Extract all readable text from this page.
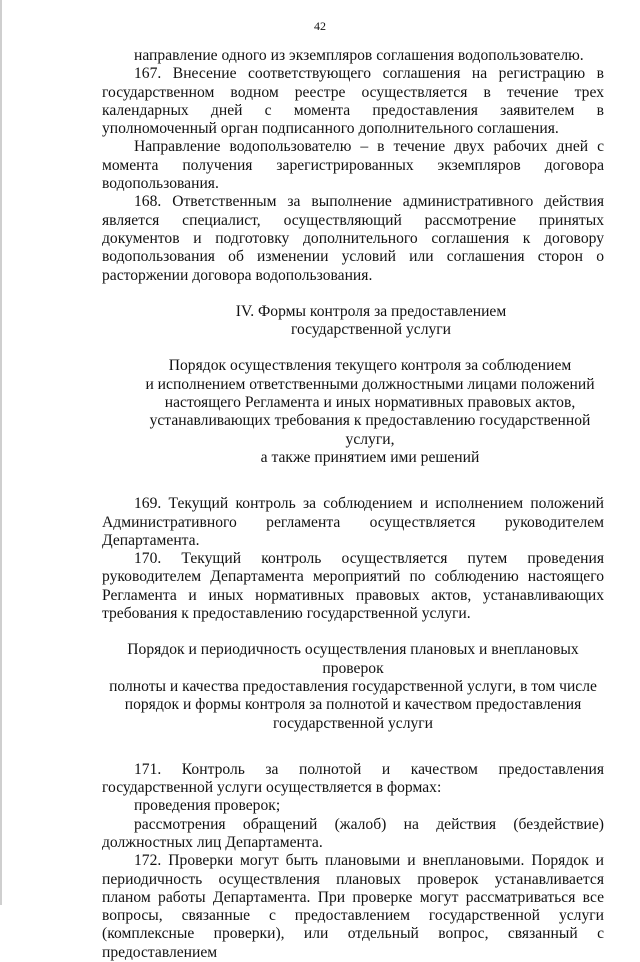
42

направление одного из экземпляров соглашения водопользователю.

167. Внесение соответствующего соглашения на регистрацию в государственном водном реестре осуществляется в течение трех календарных дней с момента предоставления заявителем в уполномоченный орган подписанного дополнительного соглашения.

Направление водопользователю – в течение двух рабочих дней с момента получения зарегистрированных экземпляров договора водопользования.

168. Ответственным за выполнение административного действия является специалист, осуществляющий рассмотрение принятых документов и подготовку дополнительного соглашения к договору водопользования об изменении условий или соглашения сторон о расторжении договора водопользования.

IV. Формы контроля за предоставлением

государственной услуги

Порядок осуществления текущего контроля за соблюдением

и исполнением ответственными должностными лицами положений

настоящего Регламента и иных нормативных правовых актов,

устанавливающих требования к предоставлению государственной услуги,

а также принятием ими решений

169. Текущий контроль за соблюдением и исполнением положений Административного регламента осуществляется руководителем Департамента.

170. Текущий контроль осуществляется путем проведения руководителем Департамента мероприятий по соблюдению настоящего Регламента и иных нормативных правовых актов, устанавливающих требования к предоставлению государственной услуги.

Порядок и периодичность осуществления плановых и внеплановых проверок

полноты и качества предоставления государственной услуги, в том числе

порядок и формы контроля за полнотой и качеством предоставления

государственной услуги

171. Контроль за полнотой и качеством предоставления государственной услуги осуществляется в формах:

проведения проверок;

рассмотрения обращений (жалоб) на действия (бездействие) должностных лиц Департамента.

172. Проверки могут быть плановыми и внеплановыми. Порядок и периодичность осуществления плановых проверок устанавливается планом работы Департамента. При проверке могут рассматриваться все вопросы, связанные с предоставлением государственной услуги (комплексные проверки), или отдельный вопрос, связанный с предоставлением
